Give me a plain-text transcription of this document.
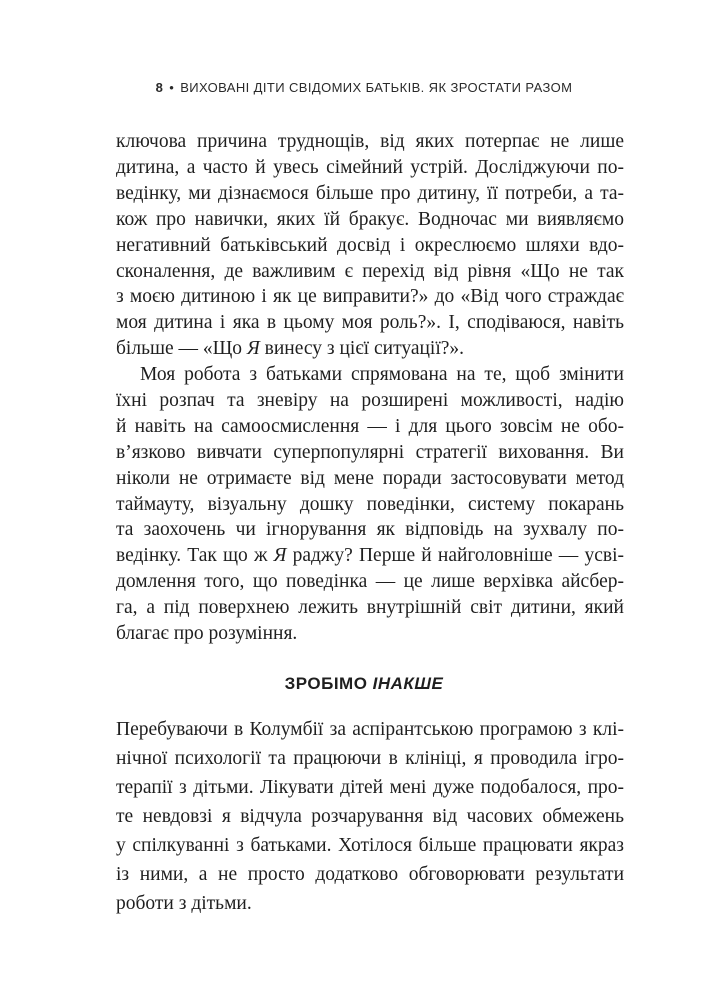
8 • ВИХОВАНІ ДІТИ СВІДОМИХ БАТЬКІВ. ЯК ЗРОСТАТИ РАЗОМ
ключова причина труднощів, від яких потерпає не лише
дитина, а часто й увесь сімейний устрій. Досліджуючи по-
ведінку, ми дізнаємося більше про дитину, її потреби, а та-
кож про навички, яких їй бракує. Водночас ми виявляємо
негативний батьківський досвід і окреслюємо шляхи вдо-
сконалення, де важливим є перехід від рівня «Що не так
з моєю дитиною і як це виправити?» до «Від чого страждає
моя дитина і яка в цьому моя роль?». І, сподіваюся, навіть
більше — «Що Я винесу з цієї ситуації?».
Моя робота з батьками спрямована на те, щоб змінити
їхні розпач та зневіру на розширені можливості, надію
й навіть на самоосмислення — і для цього зовсім не обо-
в’язково вивчати суперпопулярні стратегії виховання. Ви
ніколи не отримаєте від мене поради застосовувати метод
таймауту, візуальну дошку поведінки, систему покарань
та заохочень чи ігнорування як відповідь на зухвалу по-
ведінку. Так що ж Я раджу? Перше й найголовніше — усві-
домлення того, що поведінка — це лише верхівка айсбер-
ЗРОБІМО ІНАКШЕ
Перебуваючи в Колумбії за аспірантською програмою з клі-
нічної психології та працюючи в клініці, я проводила ігро-
терапії з дітьми. Лікувати дітей мені дуже подобалося, про-
те невдовзі я відчула розчарування від часових обмежень
у спілкуванні з батьками. Хотілося більше працювати якраз
із ними, а не просто додатково обговорювати результати
роботи з дітьми.
га, а під поверхнею лежить внутрішній світ дитини, який
благає про розуміння.
